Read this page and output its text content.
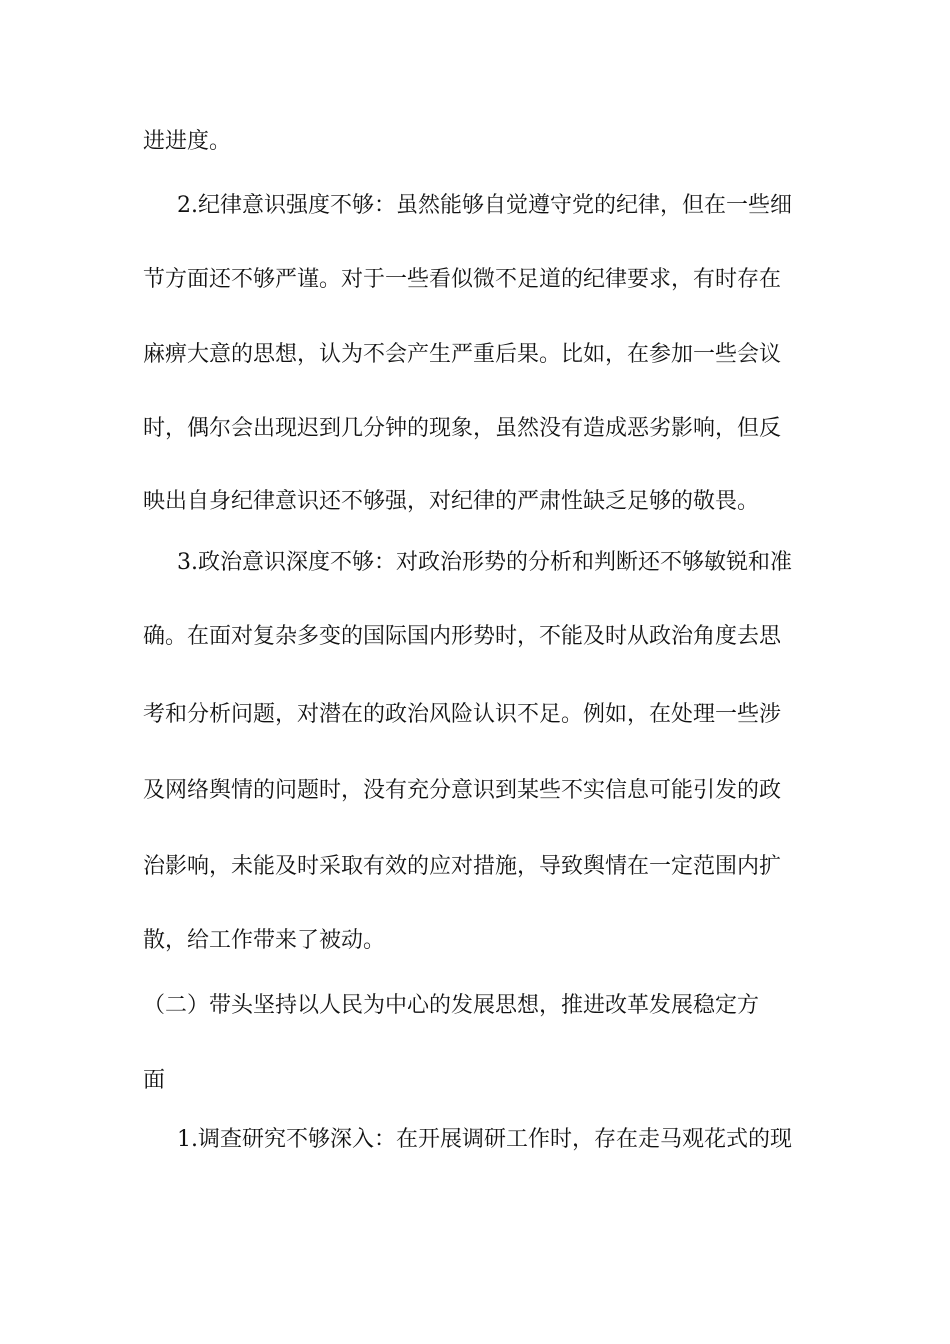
进进度。
2.纪律意识强度不够：虽然能够自觉遵守党的纪律，但在一些细
节方面还不够严谨。对于一些看似微不足道的纪律要求，有时存在
麻痹大意的思想，认为不会产生严重后果。比如，在参加一些会议
时，偶尔会出现迟到几分钟的现象，虽然没有造成恶劣影响，但反
映出自身纪律意识还不够强，对纪律的严肃性缺乏足够的敬畏。
3.政治意识深度不够：对政治形势的分析和判断还不够敏锐和准
确。在面对复杂多变的国际国内形势时，不能及时从政治角度去思
考和分析问题，对潜在的政治风险认识不足。例如，在处理一些涉
及网络舆情的问题时，没有充分意识到某些不实信息可能引发的政
治影响，未能及时采取有效的应对措施，导致舆情在一定范围内扩
散，给工作带来了被动。
（二）带头坚持以人民为中心的发展思想，推进改革发展稳定方
面
1.调查研究不够深入：在开展调研工作时，存在走马观花式的现
